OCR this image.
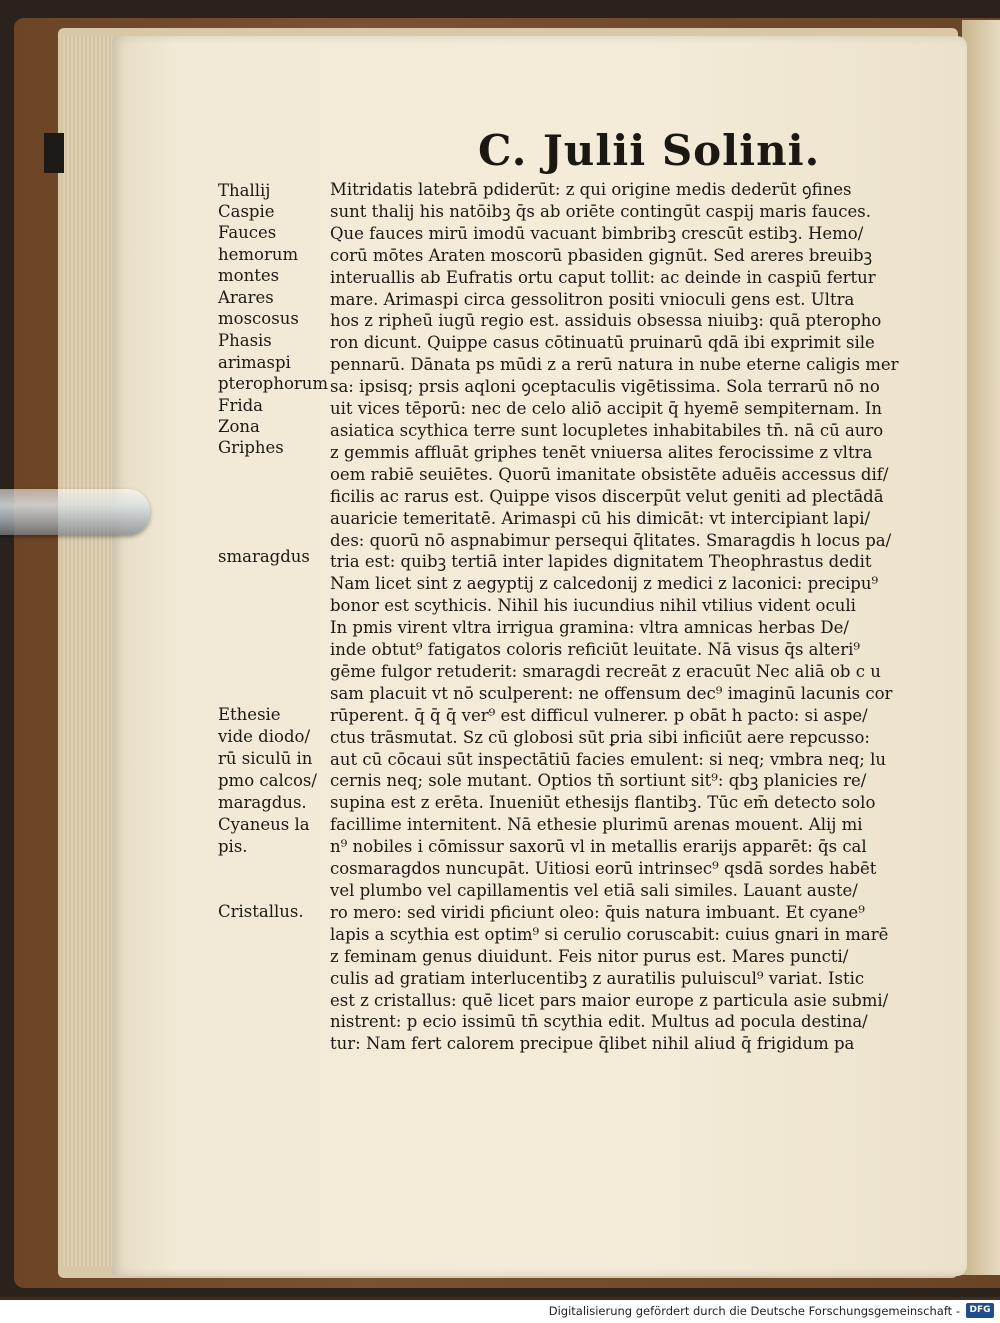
C. Julii Solini.
Thallij
Caspie
Fauces
hemorum
montes
Arares
moscosus
Phasis
arimaspi
pterophorum
Frida
Zona
Griphes
smaragdus
Ethesie
vide diodo/
rū siculū in
pmo calcos/
maragdus.
Cyaneus la
pis.
Cristallus.
Mitridatis latebrā pdiderūt: z qui origine medis dederūt ꝯfines
sunt thalij his natōibꝫ q̄s ab oriēte contingūt caspij maris fauces.
Que fauces mirū imodū vacuant bimbribꝫ crescūt estibꝫ. Hemo/
corū mōtes Araten moscorū pbasiden gignūt. Sed areres breuibꝫ
interuallis ab Eufratis ortu caput tollit: ac deinde in caspiū fertur
mare. Arimaspi circa gessolitron positi vnioculi gens est. Ultra
hos z ripheū iugū regio est. assiduis obsessa niuibꝫ: quā pteropho
ron dicunt. Quippe casus cōtinuatū pruinarū qdā ibi exprimit sile
pennarū. Dānata ps mūdi z a rerū natura in nube eterne caligis mer
sa: ipsisq; prsis aqloni ꝯceptaculis vigētissima. Sola terrarū nō no
uit vices tēporū: nec de celo aliō accipit q̄ hyemē sempiternam. In
asiatica scythica terre sunt locupletes inhabitabiles tn̄. nā cū auro
z gemmis affluāt griphes tenēt vniuersa alites ferocissime z vltra
oem rabiē seuiētes. Quorū imanitate obsistēte aduēis accessus dif/
ficilis ac rarus est. Quippe visos discerpūt velut geniti ad plectādā
auaricie temeritatē. Arimaspi cū his dimicāt: vt intercipiant lapi/
des: quorū nō aspnabimur persequi q̄litates. Smaragdis h locus pa/
tria est: quibꝫ tertiā inter lapides dignitatem Theophrastus dedit
Nam licet sint z aegyptij z calcedonij z medici z laconici: precipu⁹
bonor est scythicis. Nihil his iucundius nihil vtilius vident oculi
In pmis virent vltra irrigua gramina: vltra amnicas herbas De/
inde obtut⁹ fatigatos coloris reficiūt leuitate. Nā visus q̄s alteri⁹
gēme fulgor retuderit: smaragdi recreāt z eracuūt Nec aliā ob c u
sam placuit vt nō sculperent: ne offensum dec⁹ imaginū lacunis cor
rūperent. q̄ q̄ q̄ ver⁹ est difficul vulnerer. p obāt h pacto: si aspe/
ctus trāsmutat. Sz cū globosi sūt ꝑria sibi inficiūt aere repcusso:
aut cū cōcaui sūt inspectātiū facies emulent: si neq; vmbra neq; lu
cernis neq; sole mutant. Optios tn̄ sortiunt sit⁹: qbꝫ planicies re/
supina est z erēta. Inueniūt ethesijs flantibꝫ. Tūc em̄ detecto solo
facillime internitent. Nā ethesie plurimū arenas mouent. Alij mi
n⁹ nobiles i cōmissur saxorū vl in metallis erarijs apparēt: q̄s cal
cosmaragdos nuncupāt. Uitiosi eorū intrinsec⁹ qsdā sordes habēt
vel plumbo vel capillamentis vel etiā sali similes. Lauant auste/
ro mero: sed viridi pficiunt oleo: q̄uis natura imbuant. Et cyane⁹
lapis a scythia est optim⁹ si cerulio coruscabit: cuius gnari in marē
z feminam genus diuidunt. Feis nitor purus est. Mares puncti/
culis ad gratiam interlucentibꝫ z auratilis puluiscul⁹ variat. Istic
est z cristallus: quē licet pars maior europe z particula asie submi/
nistrent: p ecio issimū tn̄ scythia edit. Multus ad pocula destina/
tur: Nam fert calorem precipue q̄libet nihil aliud q̄ frigidum pa
Digitalisierung gefördert durch die Deutsche Forschungsgemeinschaft -	DFG
